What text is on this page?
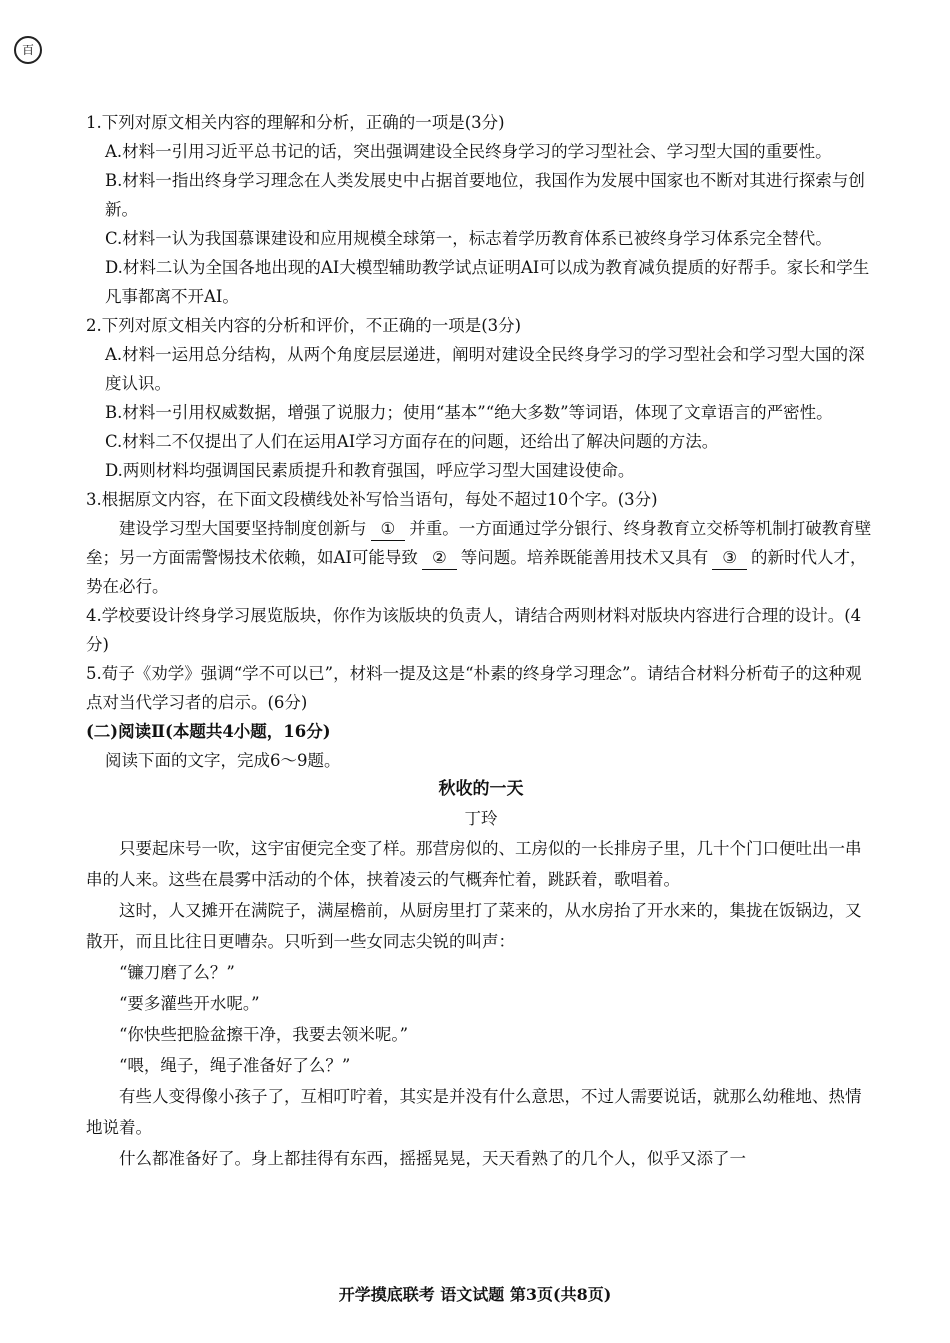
百

1.下列对原文相关内容的理解和分析，正确的一项是(3分)

A.材料一引用习近平总书记的话，突出强调建设全民终身学习的学习型社会、学习型大国的重要性。

B.材料一指出终身学习理念在人类发展史中占据首要地位，我国作为发展中国家也不断对其进行探索与创新。

C.材料一认为我国慕课建设和应用规模全球第一，标志着学历教育体系已被终身学习体系完全替代。

D.材料二认为全国各地出现的AI大模型辅助教学试点证明AI可以成为教育减负提质的好帮手。家长和学生凡事都离不开AI。

2.下列对原文相关内容的分析和评价，不正确的一项是(3分)

A.材料一运用总分结构，从两个角度层层递进，阐明对建设全民终身学习的学习型社会和学习型大国的深度认识。

B.材料一引用权威数据，增强了说服力；使用“基本”“绝大多数”等词语，体现了文章语言的严密性。

C.材料二不仅提出了人们在运用AI学习方面存在的问题，还给出了解决问题的方法。

D.两则材料均强调国民素质提升和教育强国，呼应学习型大国建设使命。

3.根据原文内容，在下面文段横线处补写恰当语句，每处不超过10个字。(3分)

建设学习型大国要坚持制度创新与 ① 并重。一方面通过学分银行、终身教育立交桥等机制打破教育壁垒；另一方面需警惕技术依赖，如AI可能导致 ② 等问题。培养既能善用技术又具有 ③ 的新时代人才，势在必行。

4.学校要设计终身学习展览版块，你作为该版块的负责人，请结合两则材料对版块内容进行合理的设计。(4分)

5.荀子《劝学》强调“学不可以已”，材料一提及这是“朴素的终身学习理念”。请结合材料分析荀子的这种观点对当代学习者的启示。(6分)

(二)阅读Ⅱ(本题共4小题，16分)

阅读下面的文字，完成6～9题。

秋收的一天

丁玲

只要起床号一吹，这宇宙便完全变了样。那营房似的、工房似的一长排房子里，几十个门口便吐出一串串的人来。这些在晨雾中活动的个体，挟着凌云的气概奔忙着，跳跃着，歌唱着。

这时，人又摊开在满院子，满屋檐前，从厨房里打了菜来的，从水房抬了开水来的，集拢在饭锅边，又散开，而且比往日更嘈杂。只听到一些女同志尖锐的叫声：

“镰刀磨了么？”

“要多灌些开水呢。”

“你快些把脸盆擦干净，我要去领米呢。”

“喂，绳子，绳子准备好了么？”

有些人变得像小孩子了，互相叮咛着，其实是并没有什么意思，不过人需要说话，就那么幼稚地、热情地说着。

什么都准备好了。身上都挂得有东西，摇摇晃晃，天天看熟了的几个人，似乎又添了一

开学摸底联考 语文试题 第3页(共8页)
